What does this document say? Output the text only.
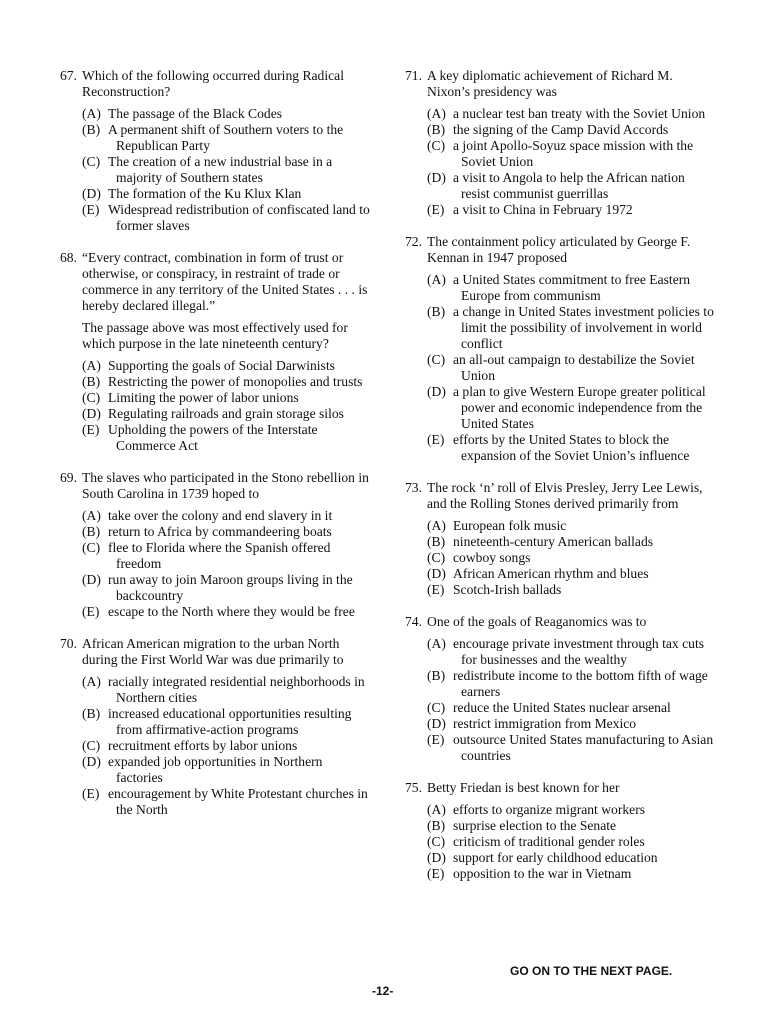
67. Which of the following occurred during Radical Reconstruction?
(A) The passage of the Black Codes
(B) A permanent shift of Southern voters to the Republican Party
(C) The creation of a new industrial base in a majority of Southern states
(D) The formation of the Ku Klux Klan
(E) Widespread redistribution of confiscated land to former slaves
68. “Every contract, combination in form of trust or otherwise, or conspiracy, in restraint of trade or commerce in any territory of the United States . . . is hereby declared illegal.”
The passage above was most effectively used for which purpose in the late nineteenth century?
(A) Supporting the goals of Social Darwinists
(B) Restricting the power of monopolies and trusts
(C) Limiting the power of labor unions
(D) Regulating railroads and grain storage silos
(E) Upholding the powers of the Interstate Commerce Act
69. The slaves who participated in the Stono rebellion in South Carolina in 1739 hoped to
(A) take over the colony and end slavery in it
(B) return to Africa by commandeering boats
(C) flee to Florida where the Spanish offered freedom
(D) run away to join Maroon groups living in the backcountry
(E) escape to the North where they would be free
70. African American migration to the urban North during the First World War was due primarily to
(A) racially integrated residential neighborhoods in Northern cities
(B) increased educational opportunities resulting from affirmative-action programs
(C) recruitment efforts by labor unions
(D) expanded job opportunities in Northern factories
(E) encouragement by White Protestant churches in the North
71. A key diplomatic achievement of Richard M. Nixon’s presidency was
(A) a nuclear test ban treaty with the Soviet Union
(B) the signing of the Camp David Accords
(C) a joint Apollo-Soyuz space mission with the Soviet Union
(D) a visit to Angola to help the African nation resist communist guerrillas
(E) a visit to China in February 1972
72. The containment policy articulated by George F. Kennan in 1947 proposed
(A) a United States commitment to free Eastern Europe from communism
(B) a change in United States investment policies to limit the possibility of involvement in world conflict
(C) an all-out campaign to destabilize the Soviet Union
(D) a plan to give Western Europe greater political power and economic independence from the United States
(E) efforts by the United States to block the expansion of the Soviet Union’s influence
73. The rock ‘n’ roll of Elvis Presley, Jerry Lee Lewis, and the Rolling Stones derived primarily from
(A) European folk music
(B) nineteenth-century American ballads
(C) cowboy songs
(D) African American rhythm and blues
(E) Scotch-Irish ballads
74. One of the goals of Reaganomics was to
(A) encourage private investment through tax cuts for businesses and the wealthy
(B) redistribute income to the bottom fifth of wage earners
(C) reduce the United States nuclear arsenal
(D) restrict immigration from Mexico
(E) outsource United States manufacturing to Asian countries
75. Betty Friedan is best known for her
(A) efforts to organize migrant workers
(B) surprise election to the Senate
(C) criticism of traditional gender roles
(D) support for early childhood education
(E) opposition to the war in Vietnam
GO ON TO THE NEXT PAGE.
-12-
